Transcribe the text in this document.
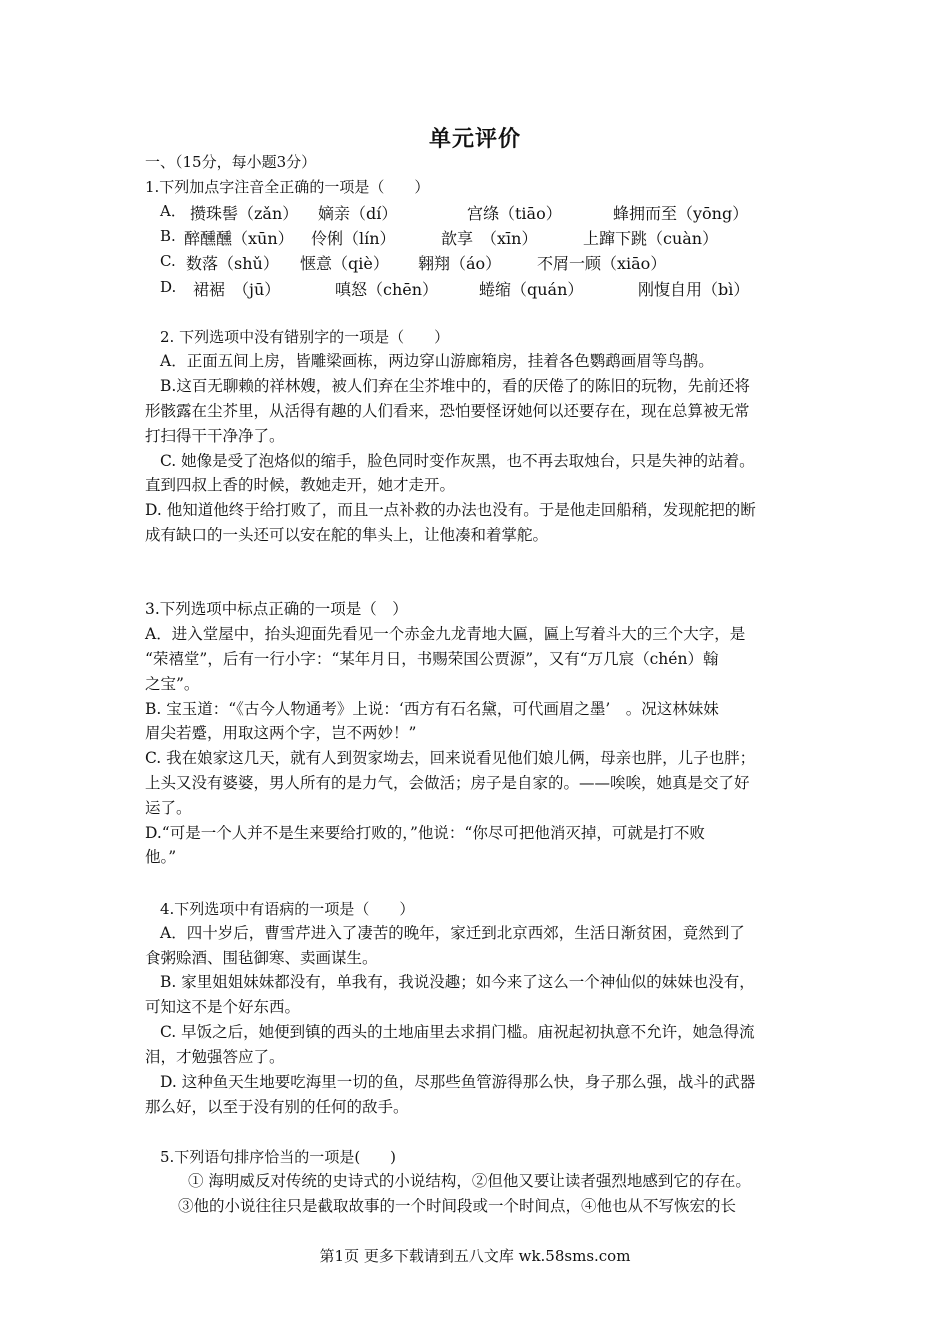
单元评价
一、（15分，每小题3分）
1.下列加点字注音全正确的一项是（　　）
A． 攒珠髻（zǎn） 嫡亲（dí）	宫绦（tiāo）	蜂拥而至（yōng）
B. 醉醺醺（xūn） 伶俐（lín）	歆享　（xīn）	上蹿下跳（cuàn）
C. 数落（shǔ） 惬意（qiè） 翱翔（áo） 不屑一顾（xiāo）
D. 裙裾　（jū）	嗔怒（chēn）	蜷缩（quán）	刚愎自用（bì）
2. 下列选项中没有错别字的一项是（　　）
A．正面五间上房，皆雕梁画栋，两边穿山游廊箱房，挂着各色鹦鹉画眉等鸟鹊。
B.这百无聊赖的祥林嫂，被人们弃在尘芥堆中的，看的厌倦了的陈旧的玩物，先前还将
形骸露在尘芥里，从活得有趣的人们看来，恐怕要怪讶她何以还要存在，现在总算被无常
打扫得干干净净了。
C. 她像是受了泡烙似的缩手，脸色同时变作灰黑，也不再去取烛台，只是失神的站着。
直到四叔上香的时候，教她走开，她才走开。
D. 他知道他终于给打败了，而且一点补救的办法也没有。于是他走回船稍，发现舵把的断
成有缺口的一头还可以安在舵的隼头上，让他凑和着掌舵。
3.下列选项中标点正确的一项是（　）
A．进入堂屋中，抬头迎面先看见一个赤金九龙青地大匾，匾上写着斗大的三个大字，是
“荣禧堂”，后有一行小字：“某年月日，书赐荣国公贾源”，又有“万几宸（chén）翰
之宝”。
B. 宝玉道：“《古今人物通考》上说：‘西方有石名黛，可代画眉之墨’　。况这林妹妹
眉尖若蹙，用取这两个字，岂不两妙！”
C. 我在娘家这几天，就有人到贺家坳去，回来说看见他们娘儿俩，母亲也胖，儿子也胖；
上头又没有婆婆，男人所有的是力气，会做活；房子是自家的。——唉唉，她真是交了好
运了。
D.“可是一个人并不是生来要给打败的，”他说：“你尽可把他消灭掉，可就是打不败
他。”
4.下列选项中有语病的一项是（　　）
A．四十岁后，曹雪芹进入了凄苦的晚年，家迁到北京西郊，生活日渐贫困，竟然到了
食粥赊酒、围毡御寒、卖画谋生。
B. 家里姐姐妹妹都没有，单我有，我说没趣；如今来了这么一个神仙似的妹妹也没有，
可知这不是个好东西。
C. 早饭之后，她便到镇的西头的土地庙里去求捐门槛。庙祝起初执意不允许，她急得流
泪，才勉强答应了。
D. 这种鱼天生地要吃海里一切的鱼，尽那些鱼管游得那么快，身子那么强，战斗的武器
那么好，以至于没有别的任何的敌手。
5.下列语句排序恰当的一项是(　　)
① 海明威反对传统的史诗式的小说结构，②但他又要让读者强烈地感到它的存在。
③他的小说往往只是截取故事的一个时间段或一个时间点，④他也从不写恢宏的长
第1页 更多下载请到五八文库 wk.58sms.com
